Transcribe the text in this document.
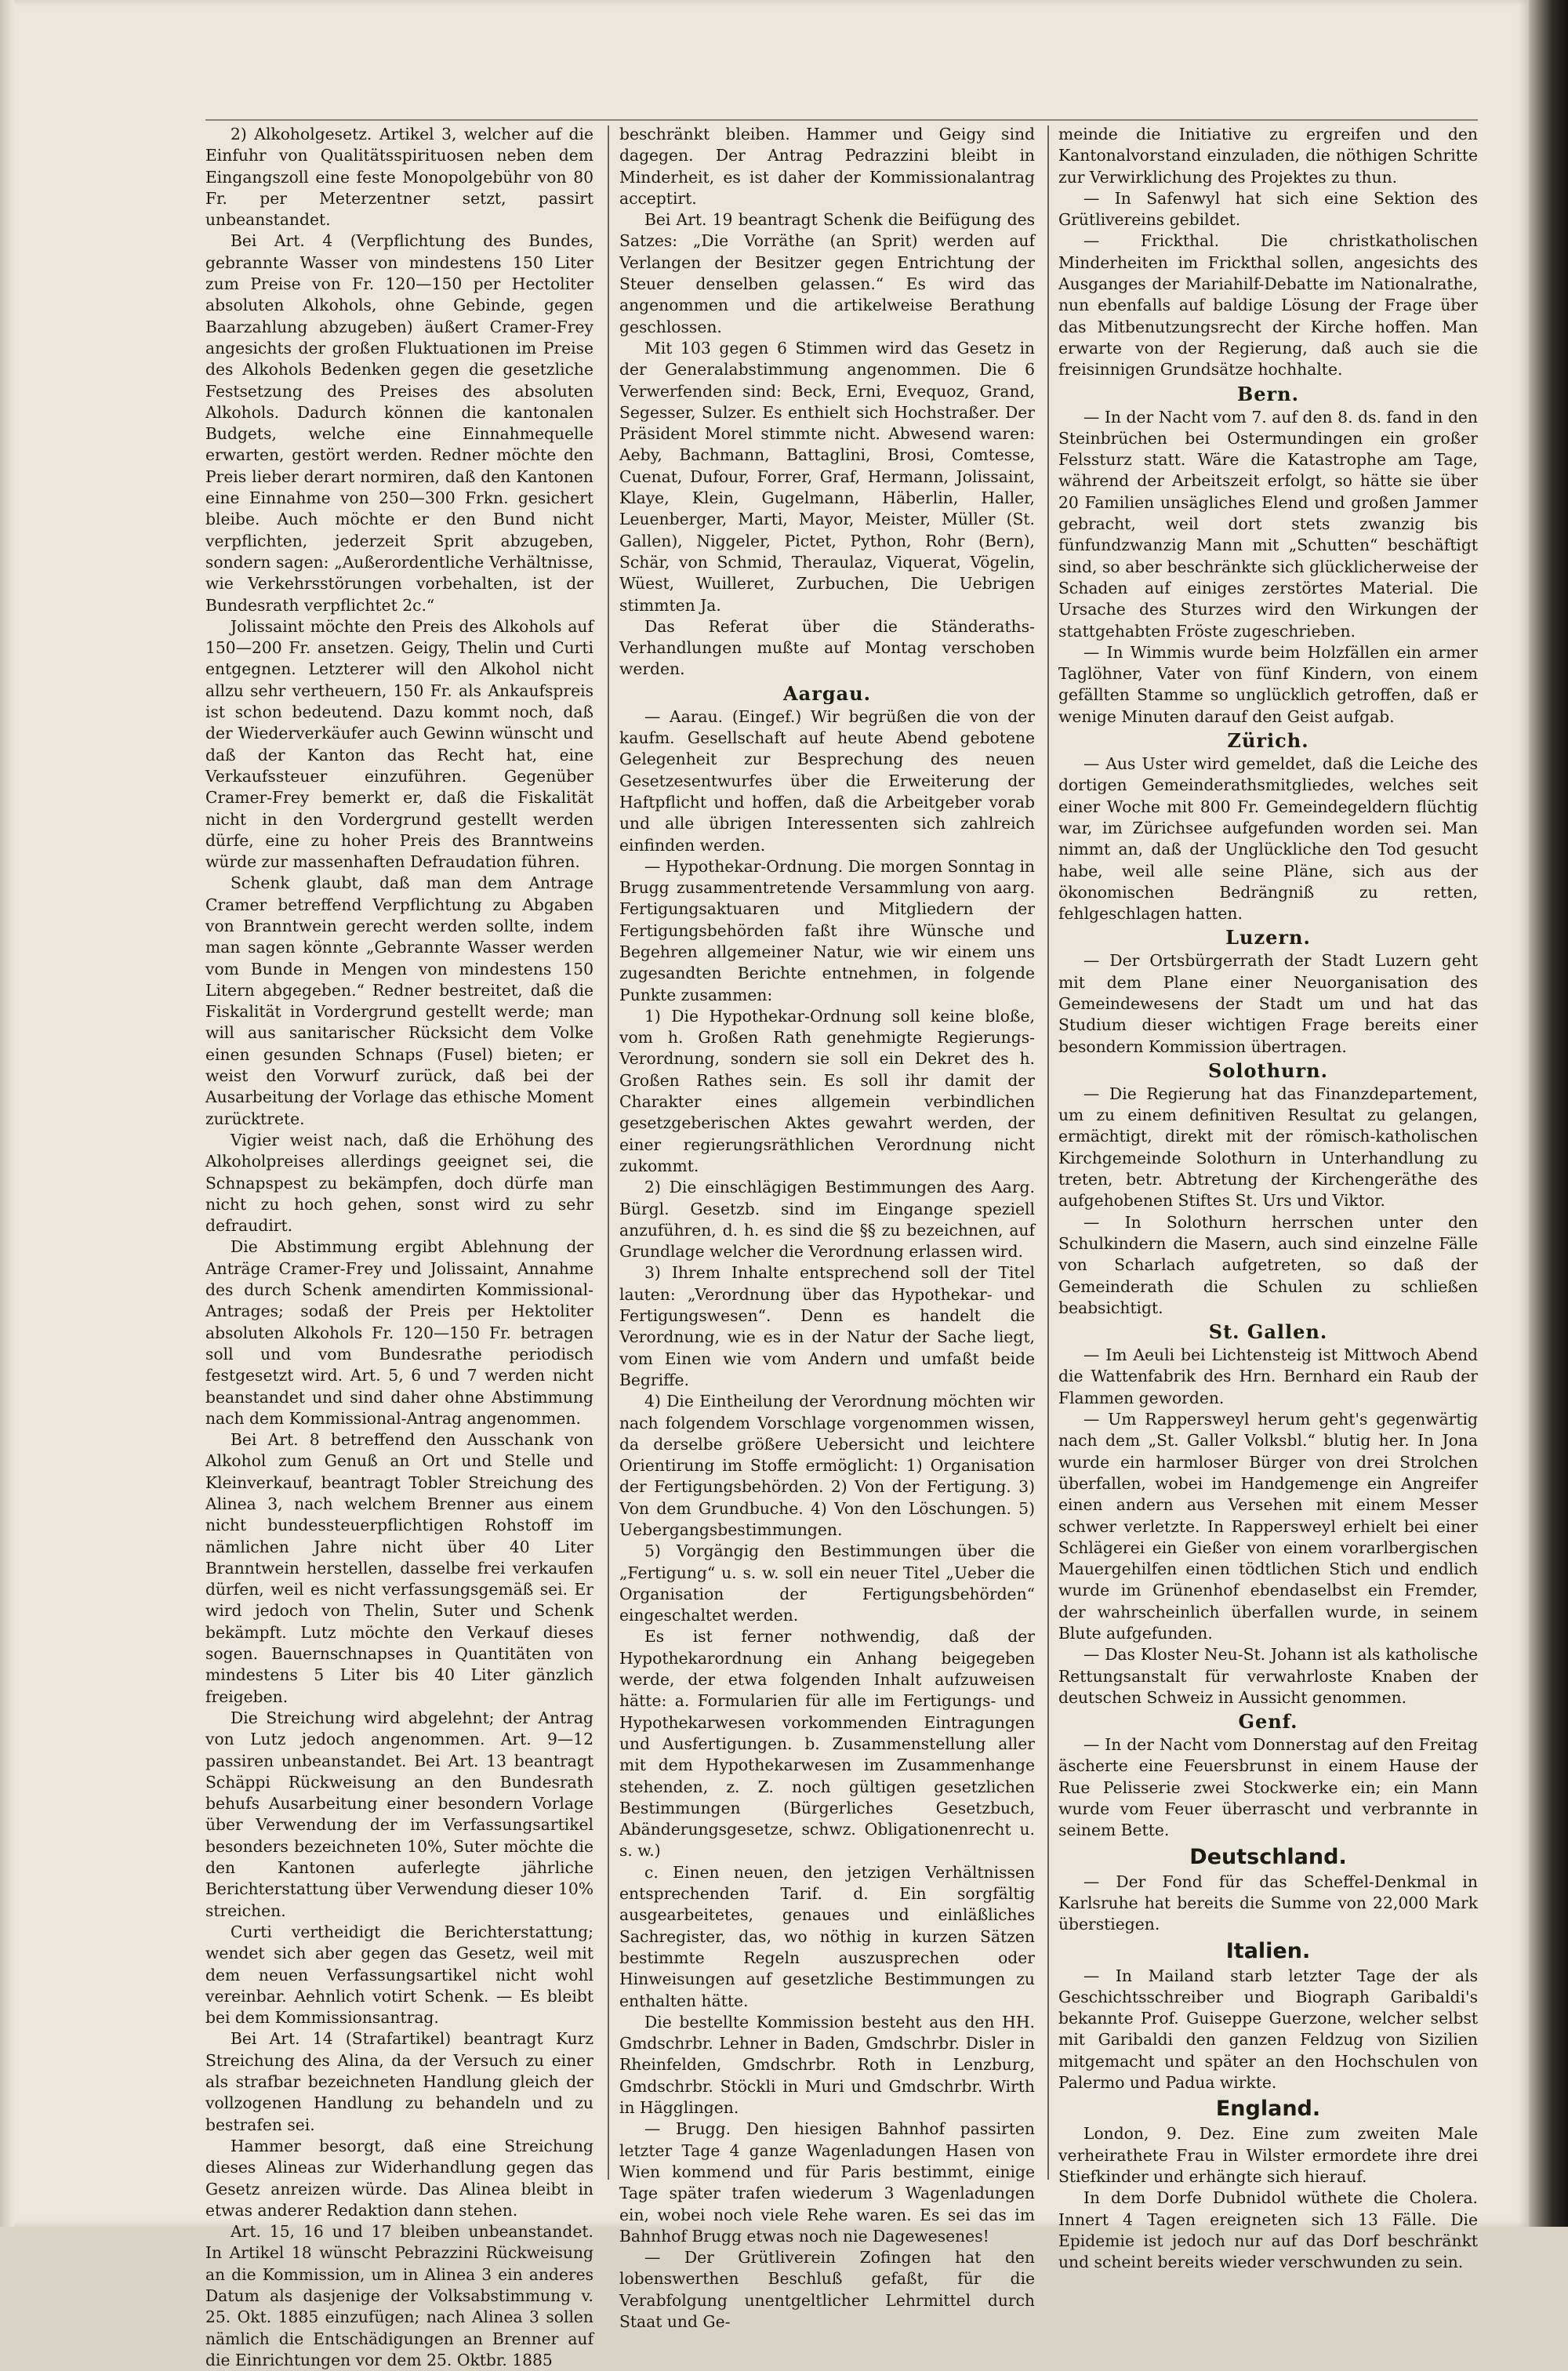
2) Alkoholgesetz. Artikel 3, welcher auf die Einfuhr von Qualitätsspirituosen neben dem Eingangszoll eine feste Monopolgebühr von 80 Fr. per Meterzentner setzt, passirt unbeanstandet.

Bei Art. 4 (Verpflichtung des Bundes, gebrannte Wasser von mindestens 150 Liter zum Preise von Fr. 120—150 per Hectoliter absoluten Alkohols, ohne Gebinde, gegen Baarzahlung abzugeben) äußert Cramer-Frey angesichts der großen Fluktuationen im Preise des Alkohols Bedenken gegen die gesetzliche Festsetzung des Preises des absoluten Alkohols. Dadurch können die kantonalen Budgets, welche eine Einnahmequelle erwarten, gestört werden. Redner möchte den Preis lieber derart normiren, daß den Kantonen eine Einnahme von 250—300 Frkn. gesichert bleibe. Auch möchte er den Bund nicht verpflichten, jederzeit Sprit abzugeben, sondern sagen: „Außerordentliche Verhältnisse, wie Verkehrsstörungen vorbehalten, ist der Bundesrath verpflichtet 2c.“

Jolissaint möchte den Preis des Alkohols auf 150—200 Fr. ansetzen. Geigy, Thelin und Curti entgegnen. Letzterer will den Alkohol nicht allzu sehr vertheuern, 150 Fr. als Ankaufspreis ist schon bedeutend. Dazu kommt noch, daß der Wiederverkäufer auch Gewinn wünscht und daß der Kanton das Recht hat, eine Verkaufssteuer einzuführen. Gegenüber Cramer-Frey bemerkt er, daß die Fiskalität nicht in den Vordergrund gestellt werden dürfe, eine zu hoher Preis des Branntweins würde zur massenhaften Defraudation führen.

Schenk glaubt, daß man dem Antrage Cramer betreffend Verpflichtung zu Abgaben von Branntwein gerecht werden sollte, indem man sagen könnte „Gebrannte Wasser werden vom Bunde in Mengen von mindestens 150 Litern abgegeben.“ Redner bestreitet, daß die Fiskalität in Vordergrund gestellt werde; man will aus sanitarischer Rücksicht dem Volke einen gesunden Schnaps (Fusel) bieten; er weist den Vorwurf zurück, daß bei der Ausarbeitung der Vorlage das ethische Moment zurücktrete.

Vigier weist nach, daß die Erhöhung des Alkoholpreises allerdings geeignet sei, die Schnapspest zu bekämpfen, doch dürfe man nicht zu hoch gehen, sonst wird zu sehr defraudirt.

Die Abstimmung ergibt Ablehnung der Anträge Cramer-Frey und Jolissaint, Annahme des durch Schenk amendirten Kommissional-Antrages; sodaß der Preis per Hektoliter absoluten Alkohols Fr. 120—150 Fr. betragen soll und vom Bundesrathe periodisch festgesetzt wird. Art. 5, 6 und 7 werden nicht beanstandet und sind daher ohne Abstimmung nach dem Kommissional-Antrag angenommen.

Bei Art. 8 betreffend den Ausschank von Alkohol zum Genuß an Ort und Stelle und Kleinverkauf, beantragt Tobler Streichung des Alinea 3, nach welchem Brenner aus einem nicht bundessteuerpflichtigen Rohstoff im nämlichen Jahre nicht über 40 Liter Branntwein herstellen, dasselbe frei verkaufen dürfen, weil es nicht verfassungsgemäß sei. Er wird jedoch von Thelin, Suter und Schenk bekämpft. Lutz möchte den Verkauf dieses sogen. Bauernschnapses in Quantitäten von mindestens 5 Liter bis 40 Liter gänzlich freigeben.

Die Streichung wird abgelehnt; der Antrag von Lutz jedoch angenommen. Art. 9—12 passiren unbeanstandet. Bei Art. 13 beantragt Schäppi Rückweisung an den Bundesrath behufs Ausarbeitung einer besondern Vorlage über Verwendung der im Verfassungsartikel besonders bezeichneten 10%, Suter möchte die den Kantonen auferlegte jährliche Berichterstattung über Verwendung dieser 10% streichen.

Curti vertheidigt die Berichterstattung; wendet sich aber gegen das Gesetz, weil mit dem neuen Verfassungsartikel nicht wohl vereinbar. Aehnlich votirt Schenk. — Es bleibt bei dem Kommissionsantrag.

Bei Art. 14 (Strafartikel) beantragt Kurz Streichung des Alina, da der Versuch zu einer als strafbar bezeichneten Handlung gleich der vollzogenen Handlung zu behandeln und zu bestrafen sei.

Hammer besorgt, daß eine Streichung dieses Alineas zur Widerhandlung gegen das Gesetz anreizen würde. Das Alinea bleibt in etwas anderer Redaktion dann stehen.

Art. 15, 16 und 17 bleiben unbeanstandet. In Artikel 18 wünscht Pebrazzini Rückweisung an die Kommission, um in Alinea 3 ein anderes Datum als dasjenige der Volksabstimmung v. 25. Okt. 1885 einzufügen; nach Alinea 3 sollen nämlich die Entschädigungen an Brenner auf die Einrichtungen vor dem 25. Oktbr. 1885

beschränkt bleiben. Hammer und Geigy sind dagegen. Der Antrag Pedrazzini bleibt in Minderheit, es ist daher der Kommissionalantrag acceptirt.

Bei Art. 19 beantragt Schenk die Beifügung des Satzes: „Die Vorräthe (an Sprit) werden auf Verlangen der Besitzer gegen Entrichtung der Steuer denselben gelassen.“ Es wird das angenommen und die artikelweise Berathung geschlossen.

Mit 103 gegen 6 Stimmen wird das Gesetz in der Generalabstimmung angenommen. Die 6 Verwerfenden sind: Beck, Erni, Evequoz, Grand, Segesser, Sulzer. Es enthielt sich Hochstraßer. Der Präsident Morel stimmte nicht. Abwesend waren: Aeby, Bachmann, Battaglini, Brosi, Comtesse, Cuenat, Dufour, Forrer, Graf, Hermann, Jolissaint, Klaye, Klein, Gugelmann, Häberlin, Haller, Leuenberger, Marti, Mayor, Meister, Müller (St. Gallen), Niggeler, Pictet, Python, Rohr (Bern), Schär, von Schmid, Theraulaz, Viquerat, Vögelin, Wüest, Wuilleret, Zurbuchen, Die Uebrigen stimmten Ja.

Das Referat über die Ständeraths-Verhandlungen mußte auf Montag verschoben werden.

Aargau.

— Aarau. (Eingef.) Wir begrüßen die von der kaufm. Gesellschaft auf heute Abend gebotene Gelegenheit zur Besprechung des neuen Gesetzesentwurfes über die Erweiterung der Haftpflicht und hoffen, daß die Arbeitgeber vorab und alle übrigen Interessenten sich zahlreich einfinden werden.

— Hypothekar-Ordnung. Die morgen Sonntag in Brugg zusammentretende Versammlung von aarg. Fertigungsaktuaren und Mitgliedern der Fertigungsbehörden faßt ihre Wünsche und Begehren allgemeiner Natur, wie wir einem uns zugesandten Berichte entnehmen, in folgende Punkte zusammen:

1) Die Hypothekar-Ordnung soll keine bloße, vom h. Großen Rath genehmigte Regierungs-Verordnung, sondern sie soll ein Dekret des h. Großen Rathes sein. Es soll ihr damit der Charakter eines allgemein verbindlichen gesetzgeberischen Aktes gewahrt werden, der einer regierungsräthlichen Verordnung nicht zukommt.

2) Die einschlägigen Bestimmungen des Aarg. Bürgl. Gesetzb. sind im Eingange speziell anzuführen, d. h. es sind die §§ zu bezeichnen, auf Grundlage welcher die Verordnung erlassen wird.

3) Ihrem Inhalte entsprechend soll der Titel lauten: „Verordnung über das Hypothekar- und Fertigungswesen“. Denn es handelt die Verordnung, wie es in der Natur der Sache liegt, vom Einen wie vom Andern und umfaßt beide Begriffe.

4) Die Eintheilung der Verordnung möchten wir nach folgendem Vorschlage vorgenommen wissen, da derselbe größere Uebersicht und leichtere Orientirung im Stoffe ermöglicht: 1) Organisation der Fertigungsbehörden. 2) Von der Fertigung. 3) Von dem Grundbuche. 4) Von den Löschungen. 5) Uebergangsbestimmungen.

5) Vorgängig den Bestimmungen über die „Fertigung“ u. s. w. soll ein neuer Titel „Ueber die Organisation der Fertigungsbehörden“ eingeschaltet werden.

Es ist ferner nothwendig, daß der Hypothekarordnung ein Anhang beigegeben werde, der etwa folgenden Inhalt aufzuweisen hätte: a. Formularien für alle im Fertigungs- und Hypothekarwesen vorkommenden Eintragungen und Ausfertigungen. b. Zusammenstellung aller mit dem Hypothekarwesen im Zusammenhange stehenden, z. Z. noch gültigen gesetzlichen Bestimmungen (Bürgerliches Gesetzbuch, Abänderungsgesetze, schwz. Obligationenrecht u. s. w.)

c. Einen neuen, den jetzigen Verhältnissen entsprechenden Tarif. d. Ein sorgfältig ausgearbeitetes, genaues und einläßliches Sachregister, das, wo nöthig in kurzen Sätzen bestimmte Regeln auszusprechen oder Hinweisungen auf gesetzliche Bestimmungen zu enthalten hätte.

Die bestellte Kommission besteht aus den HH. Gmdschrbr. Lehner in Baden, Gmdschrbr. Disler in Rheinfelden, Gmdschrbr. Roth in Lenzburg, Gmdschrbr. Stöckli in Muri und Gmdschrbr. Wirth in Hägglingen.

— Brugg. Den hiesigen Bahnhof passirten letzter Tage 4 ganze Wagenladungen Hasen von Wien kommend und für Paris bestimmt, einige Tage später trafen wiederum 3 Wagenladungen ein, wobei noch viele Rehe waren. Es sei das im Bahnhof Brugg etwas noch nie Dagewesenes!

— Der Grütliverein Zofingen hat den lobenswerthen Beschluß gefaßt, für die Verabfolgung unentgeltlicher Lehrmittel durch Staat und Ge-

meinde die Initiative zu ergreifen und den Kantonalvorstand einzuladen, die nöthigen Schritte zur Verwirklichung des Projektes zu thun.

— In Safenwyl hat sich eine Sektion des Grütlivereins gebildet.

— Frickthal. Die christkatholischen Minderheiten im Frickthal sollen, angesichts des Ausganges der Mariahilf-Debatte im Nationalrathe, nun ebenfalls auf baldige Lösung der Frage über das Mitbenutzungsrecht der Kirche hoffen. Man erwarte von der Regierung, daß auch sie die freisinnigen Grundsätze hochhalte.

Bern.

— In der Nacht vom 7. auf den 8. ds. fand in den Steinbrüchen bei Ostermundingen ein großer Felssturz statt. Wäre die Katastrophe am Tage, während der Arbeitszeit erfolgt, so hätte sie über 20 Familien unsägliches Elend und großen Jammer gebracht, weil dort stets zwanzig bis fünfundzwanzig Mann mit „Schutten“ beschäftigt sind, so aber beschränkte sich glücklicherweise der Schaden auf einiges zerstörtes Material. Die Ursache des Sturzes wird den Wirkungen der stattgehabten Fröste zugeschrieben.

— In Wimmis wurde beim Holzfällen ein armer Taglöhner, Vater von fünf Kindern, von einem gefällten Stamme so unglücklich getroffen, daß er wenige Minuten darauf den Geist aufgab.

Zürich.

— Aus Uster wird gemeldet, daß die Leiche des dortigen Gemeinderathsmitgliedes, welches seit einer Woche mit 800 Fr. Gemeindegeldern flüchtig war, im Zürichsee aufgefunden worden sei. Man nimmt an, daß der Unglückliche den Tod gesucht habe, weil alle seine Pläne, sich aus der ökonomischen Bedrängniß zu retten, fehlgeschlagen hatten.

Luzern.

— Der Ortsbürgerrath der Stadt Luzern geht mit dem Plane einer Neuorganisation des Gemeindewesens der Stadt um und hat das Studium dieser wichtigen Frage bereits einer besondern Kommission übertragen.

Solothurn.

— Die Regierung hat das Finanzdepartement, um zu einem definitiven Resultat zu gelangen, ermächtigt, direkt mit der römisch-katholischen Kirchgemeinde Solothurn in Unterhandlung zu treten, betr. Abtretung der Kirchengeräthe des aufgehobenen Stiftes St. Urs und Viktor.

— In Solothurn herrschen unter den Schulkindern die Masern, auch sind einzelne Fälle von Scharlach aufgetreten, so daß der Gemeinderath die Schulen zu schließen beabsichtigt.

St. Gallen.

— Im Aeuli bei Lichtensteig ist Mittwoch Abend die Wattenfabrik des Hrn. Bernhard ein Raub der Flammen geworden.

— Um Rappersweyl herum geht's gegenwärtig nach dem „St. Galler Volksbl.“ blutig her. In Jona wurde ein harmloser Bürger von drei Strolchen überfallen, wobei im Handgemenge ein Angreifer einen andern aus Versehen mit einem Messer schwer verletzte. In Rappersweyl erhielt bei einer Schlägerei ein Gießer von einem vorarlbergischen Mauergehilfen einen tödtlichen Stich und endlich wurde im Grünenhof ebendaselbst ein Fremder, der wahrscheinlich überfallen wurde, in seinem Blute aufgefunden.

— Das Kloster Neu-St. Johann ist als katholische Rettungsanstalt für verwahrloste Knaben der deutschen Schweiz in Aussicht genommen.

Genf.

— In der Nacht vom Donnerstag auf den Freitag äscherte eine Feuersbrunst in einem Hause der Rue Pelisserie zwei Stockwerke ein; ein Mann wurde vom Feuer überrascht und verbrannte in seinem Bette.

Deutschland.

— Der Fond für das Scheffel-Denkmal in Karlsruhe hat bereits die Summe von 22,000 Mark überstiegen.

Italien.

— In Mailand starb letzter Tage der als Geschichtsschreiber und Biograph Garibaldi's bekannte Prof. Guiseppe Guerzone, welcher selbst mit Garibaldi den ganzen Feldzug von Sizilien mitgemacht und später an den Hochschulen von Palermo und Padua wirkte.

England.

London, 9. Dez. Eine zum zweiten Male verheirathete Frau in Wilster ermordete ihre drei Stiefkinder und erhängte sich hierauf.

In dem Dorfe Dubnidol wüthete die Cholera. Innert 4 Tagen ereigneten sich 13 Fälle. Die Epidemie ist jedoch nur auf das Dorf beschränkt und scheint bereits wieder verschwunden zu sein.
